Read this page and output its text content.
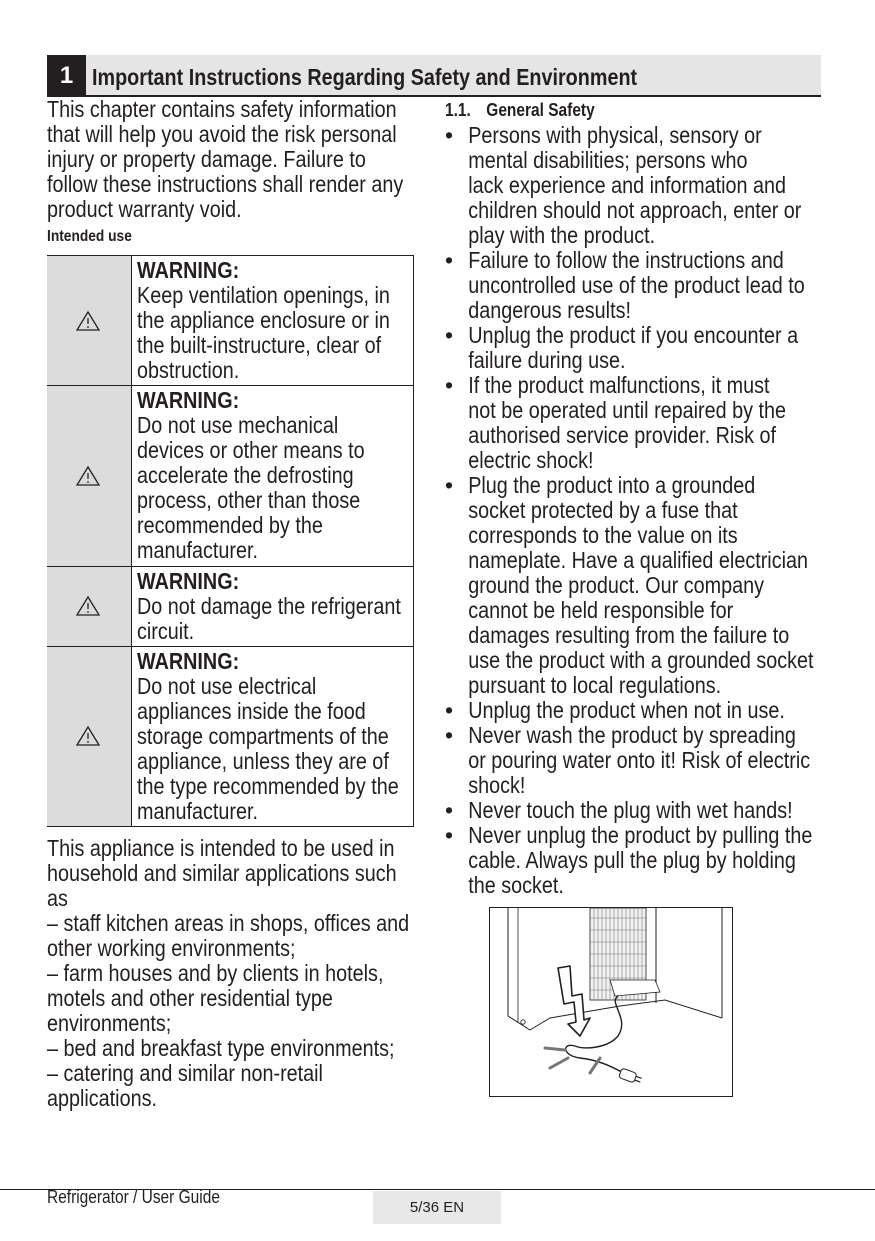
1 Important Instructions Regarding Safety and Environment
This chapter contains safety information
that will help you avoid the risk personal
injury or property damage. Failure to
follow these instructions shall render any
product warranty void.
Intended use
WARNING:
Keep ventilation openings, in
the appliance enclosure or in
the built-instructure, clear of
obstruction.
WARNING:
Do not use mechanical
devices or other means to
accelerate the defrosting
process, other than those
recommended by the
manufacturer.
WARNING:
Do not damage the refrigerant
circuit.
WARNING:
Do not use electrical
appliances inside the food
storage compartments of the
appliance, unless they are of
the type recommended by the
manufacturer.
This appliance is intended to be used in
household and similar applications such
as
– staff kitchen areas in shops, offices and
other working environments;
– farm houses and by clients in hotels,
motels and other residential type
environments;
– bed and breakfast type environments;
– catering and similar non-retail
applications.
1.1. General Safety
• Persons with physical, sensory or
mental disabilities; persons who
lack experience and information and
children should not approach, enter or
play with the product.
• Failure to follow the instructions and
uncontrolled use of the product lead to
dangerous results!
• Unplug the product if you encounter a
failure during use.
• If the product malfunctions, it must
not be operated until repaired by the
authorised service provider. Risk of
electric shock!
• Plug the product into a grounded
socket protected by a fuse that
corresponds to the value on its
nameplate. Have a qualified electrician
ground the product. Our company
cannot be held responsible for
damages resulting from the failure to
use the product with a grounded socket
pursuant to local regulations.
• Unplug the product when not in use.
• Never wash the product by spreading
or pouring water onto it! Risk of electric
shock!
• Never touch the plug with wet hands!
• Never unplug the product by pulling the
cable. Always pull the plug by holding
the socket.
Refrigerator / User Guide
5/36 EN
